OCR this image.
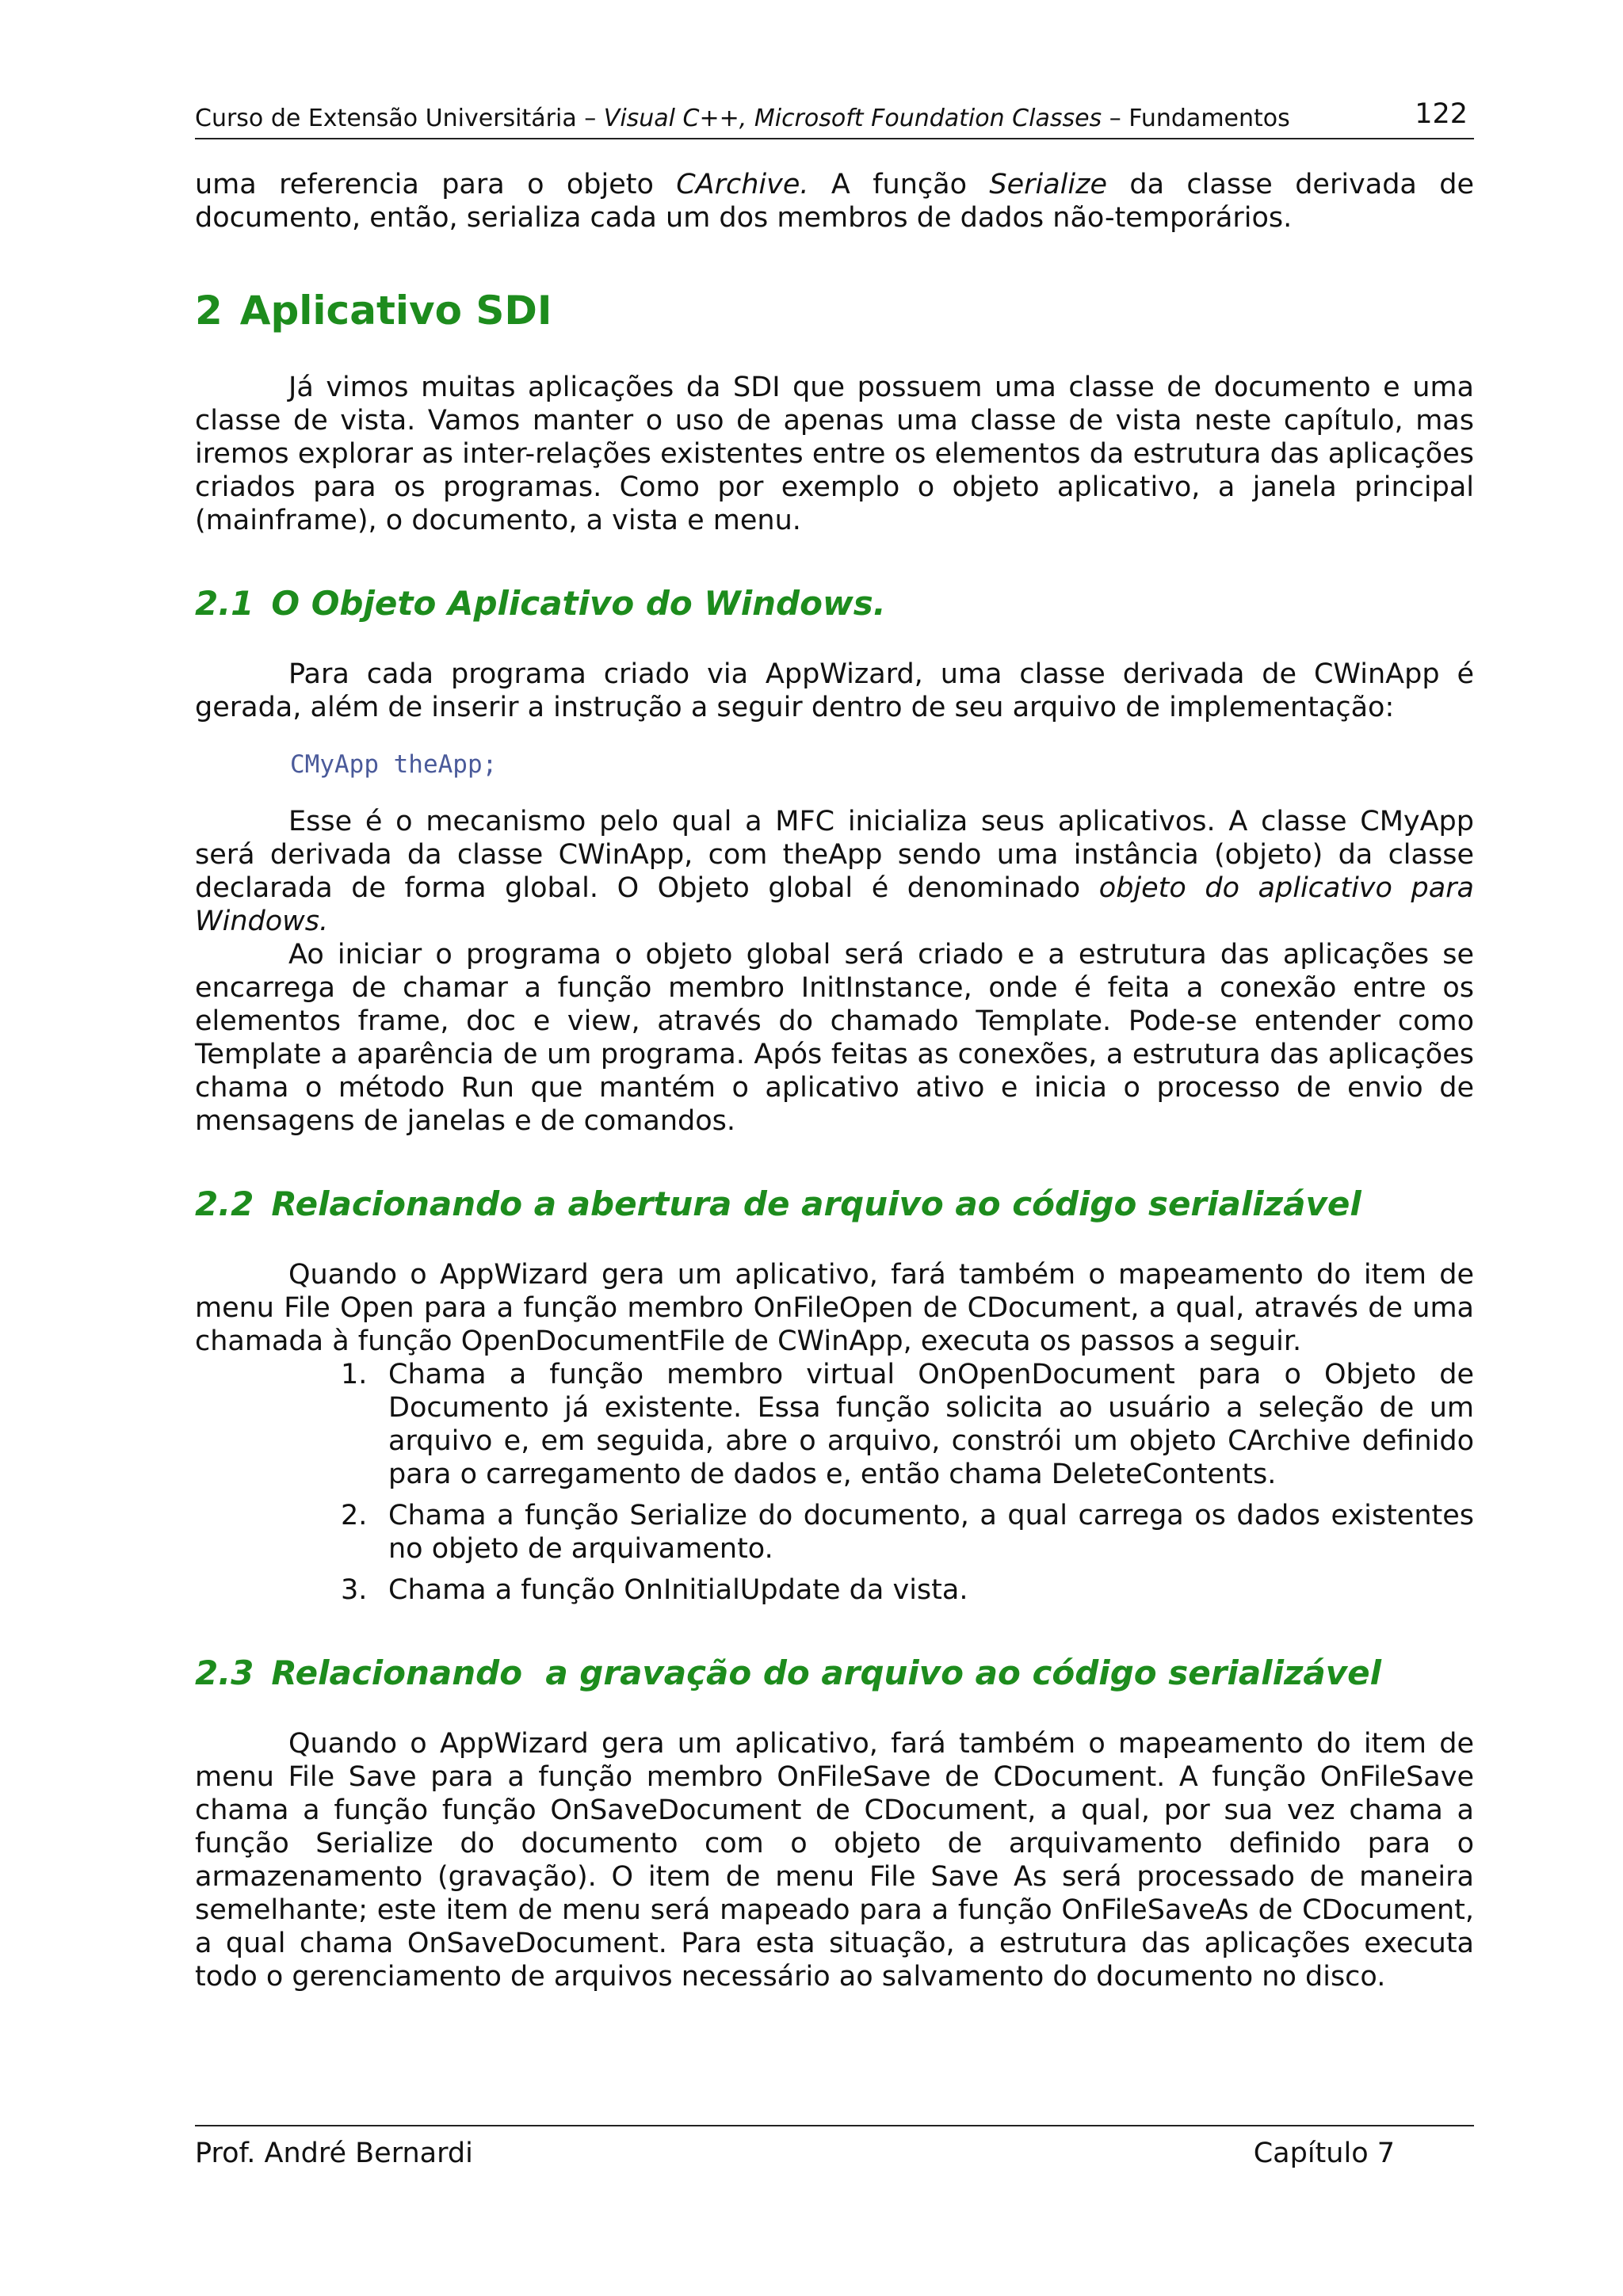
Curso de Extensão Universitária – Visual C++, Microsoft Foundation Classes – Fundamentos	122

uma referencia para o objeto CArchive. A função Serialize da classe derivada de documento, então, serializa cada um dos membros de dados não-temporários.

2 Aplicativo SDI

Já vimos muitas aplicações da SDI que possuem uma classe de documento e uma classe de vista. Vamos manter o uso de apenas uma classe de vista neste capítulo, mas iremos explorar as inter-relações existentes entre os elementos da estrutura das aplicações criados para os programas. Como por exemplo o objeto aplicativo, a janela principal (mainframe), o documento, a vista e menu.

2.1 O Objeto Aplicativo do Windows.

Para cada programa criado via AppWizard, uma classe derivada de CWinApp é gerada, além de inserir a instrução a seguir dentro de seu arquivo de implementação:

CMyApp theApp;

Esse é o mecanismo pelo qual a MFC inicializa seus aplicativos. A classe CMyApp será derivada da classe CWinApp, com theApp sendo uma instância (objeto) da classe declarada de forma global. O Objeto global é denominado objeto do aplicativo para Windows.

Ao iniciar o programa o objeto global será criado e a estrutura das aplicações se encarrega de chamar a função membro InitInstance, onde é feita a conexão entre os elementos frame, doc e view, através do chamado Template. Pode-se entender como Template a aparência de um programa. Após feitas as conexões, a estrutura das aplicações chama o método Run que mantém o aplicativo ativo e inicia o processo de envio de mensagens de janelas e de comandos.

2.2 Relacionando a abertura de arquivo ao código serializável

Quando o AppWizard gera um aplicativo, fará também o mapeamento do item de menu File Open para a função membro OnFileOpen de CDocument, a qual, através de uma chamada à função OpenDocumentFile de CWinApp, executa os passos a seguir.

1. Chama a função membro virtual OnOpenDocument para o Objeto de Documento já existente. Essa função solicita ao usuário a seleção de um arquivo e, em seguida, abre o arquivo, constrói um objeto CArchive definido para o carregamento de dados e, então chama DeleteContents.
2. Chama a função Serialize do documento, a qual carrega os dados existentes no objeto de arquivamento.
3. Chama a função OnInitialUpdate da vista.
2.3 Relacionando  a gravação do arquivo ao código serializável

Quando o AppWizard gera um aplicativo, fará também o mapeamento do item de menu File Save para a função membro OnFileSave de CDocument. A função OnFileSave chama a função função OnSaveDocument de CDocument, a qual, por sua vez chama a função Serialize do documento com o objeto de arquivamento definido para o armazenamento (gravação). O item de menu File Save As será processado de maneira semelhante; este item de menu será mapeado para a função OnFileSaveAs de CDocument, a qual chama OnSaveDocument. Para esta situação, a estrutura das aplicações executa todo o gerenciamento de arquivos necessário ao salvamento do documento no disco.

Prof. André Bernardi	Capítulo 7
